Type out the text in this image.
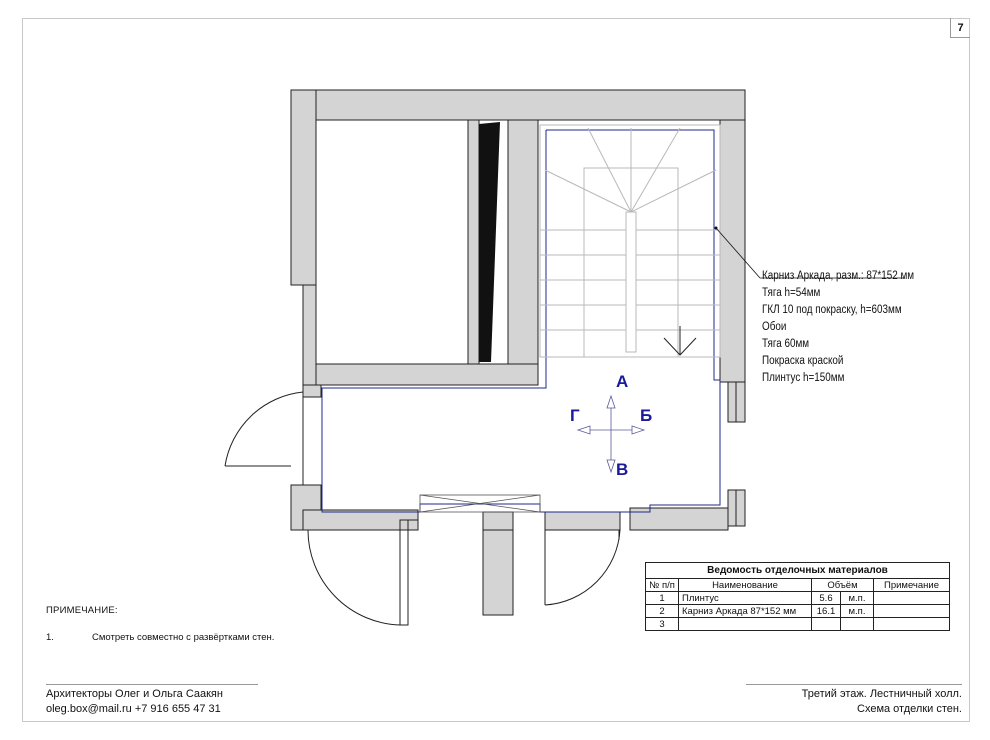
7
Карниз Аркада, разм.: 87*152 мм
Тяга h=54мм
ГКЛ 10 под покраску, h=603мм
Обои
Тяга 60мм
Покраска краской
Плинтус h=150мм
А
Г	Б
В
Ведомость отделочных материалов				
№ п/п	Наименование	Объём		Примечание
1	Плинтус	5.6	м.п.	
2	Карниз Аркада 87*152 мм	16.1	м.п.	
3				
ПРИМЕЧАНИЕ:
1.	Смотреть совместно с развёртками стен.
Архитекторы Олег и Ольга Саакян
oleg.box@mail.ru +7 916 655 47 31
Третий этаж. Лестничный холл.
Схема отделки стен.
